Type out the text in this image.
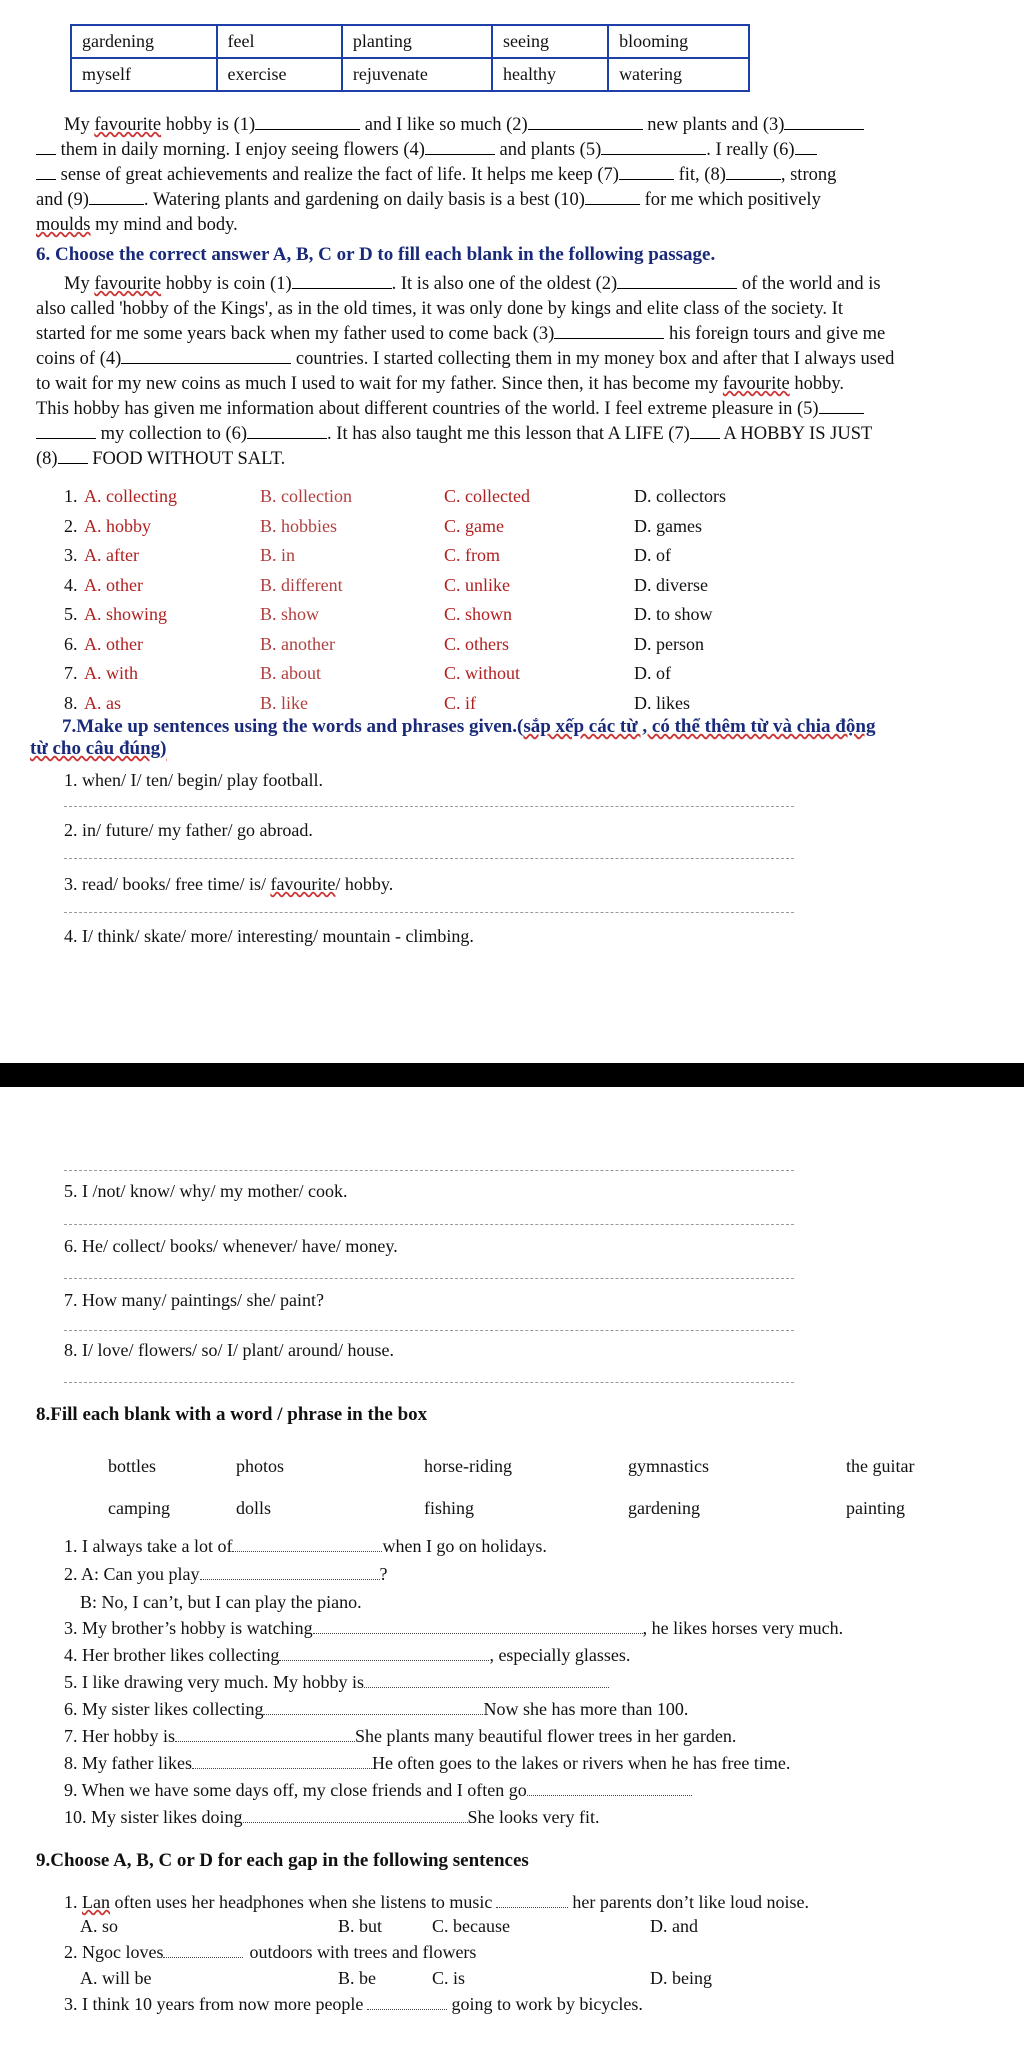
gardening	feel	planting	seeing	blooming
myself	exercise	rejuvenate	healthy	watering
My favourite hobby is (1)	and I like so much (2)	new plants and (3)
them in daily morning. I enjoy seeing flowers (4)	and plants (5)	. I really (6)
sense of great achievements and realize the fact of life. It helps me keep (7)	fit, (8)	, strong
and (9)	. Watering plants and gardening on daily basis is a best (10)	for me which positively
moulds my mind and body.
6. Choose the correct answer A, B, C or D to fill each blank in the following passage.
My favourite hobby is coin (1)	. It is also one of the oldest (2)	of the world and is
also called 'hobby of the Kings', as in the old times, it was only done by kings and elite class of the society. It
started for me some years back when my father used to come back (3)	his foreign tours and give me
coins of (4)	countries. I started collecting them in my money box and after that I always used
to wait for my new coins as much I used to wait for my father. Since then, it has become my favourite hobby.
This hobby has given me information about different countries of the world. I feel extreme pleasure in (5)
my collection to (6)	. It has also taught me this lesson that A LIFE (7) A HOBBY IS JUST
(8) FOOD WITHOUT SALT.
1. A. collecting	B. collection	C. collected	D. collectors
2. A. hobby	B. hobbies	C. game	D. games
3. A. after	B. in	C. from	D. of
4. A. other	B. different	C. unlike	D. diverse
5. A. showing	B. show	C. shown	D. to show
6. A. other	B. another	C. others	D. person
7. A. with	B. about	C. without	D. of
8. A. as	B. like	C. if	D. likes
7.Make up sentences using the words and phrases given.(sắp xếp các từ , có thể thêm từ và chia động
từ cho câu đúng)
1. when/ I/ ten/ begin/ play football.
2. in/ future/ my father/ go abroad.
3. read/ books/ free time/ is/ favourite/ hobby.
4. I/ think/ skate/ more/ interesting/ mountain - climbing.
5. I /not/ know/ why/ my mother/ cook.
6. He/ collect/ books/ whenever/ have/ money.
7. How many/ paintings/ she/ paint?
8. I/ love/ flowers/ so/ I/ plant/ around/ house.
8.Fill each blank with a word / phrase in the box
bottles	photos	horse-riding	gymnastics	the guitar
camping	dolls	fishing	gardening	painting
1. I always take a lot of	when I go on holidays.
2. A: Can you play	?
B: No, I can’t, but I can play the piano.
3. My brother’s hobby is watching	, he likes horses very much.
4. Her brother likes collecting	, especially glasses.
5. I like drawing very much. My hobby is
6. My sister likes collecting	Now she has more than 100.
7. Her hobby is	She plants many beautiful flower trees in her garden.
8. My father likes	He often goes to the lakes or rivers when he has free time.
9. When we have some days off, my close friends and I often go
10. My sister likes doing	She looks very fit.
9.Choose A, B, C or D for each gap in the following sentences
1. Lan often uses her headphones when she listens to music	her parents don’t like loud noise.
A. so	B. but	C. because	D. and
2. Ngoc loves	outdoors with trees and flowers
A. will be	B. be	C. is	D. being
3. I think 10 years from now more people	going to work by bicycles.
